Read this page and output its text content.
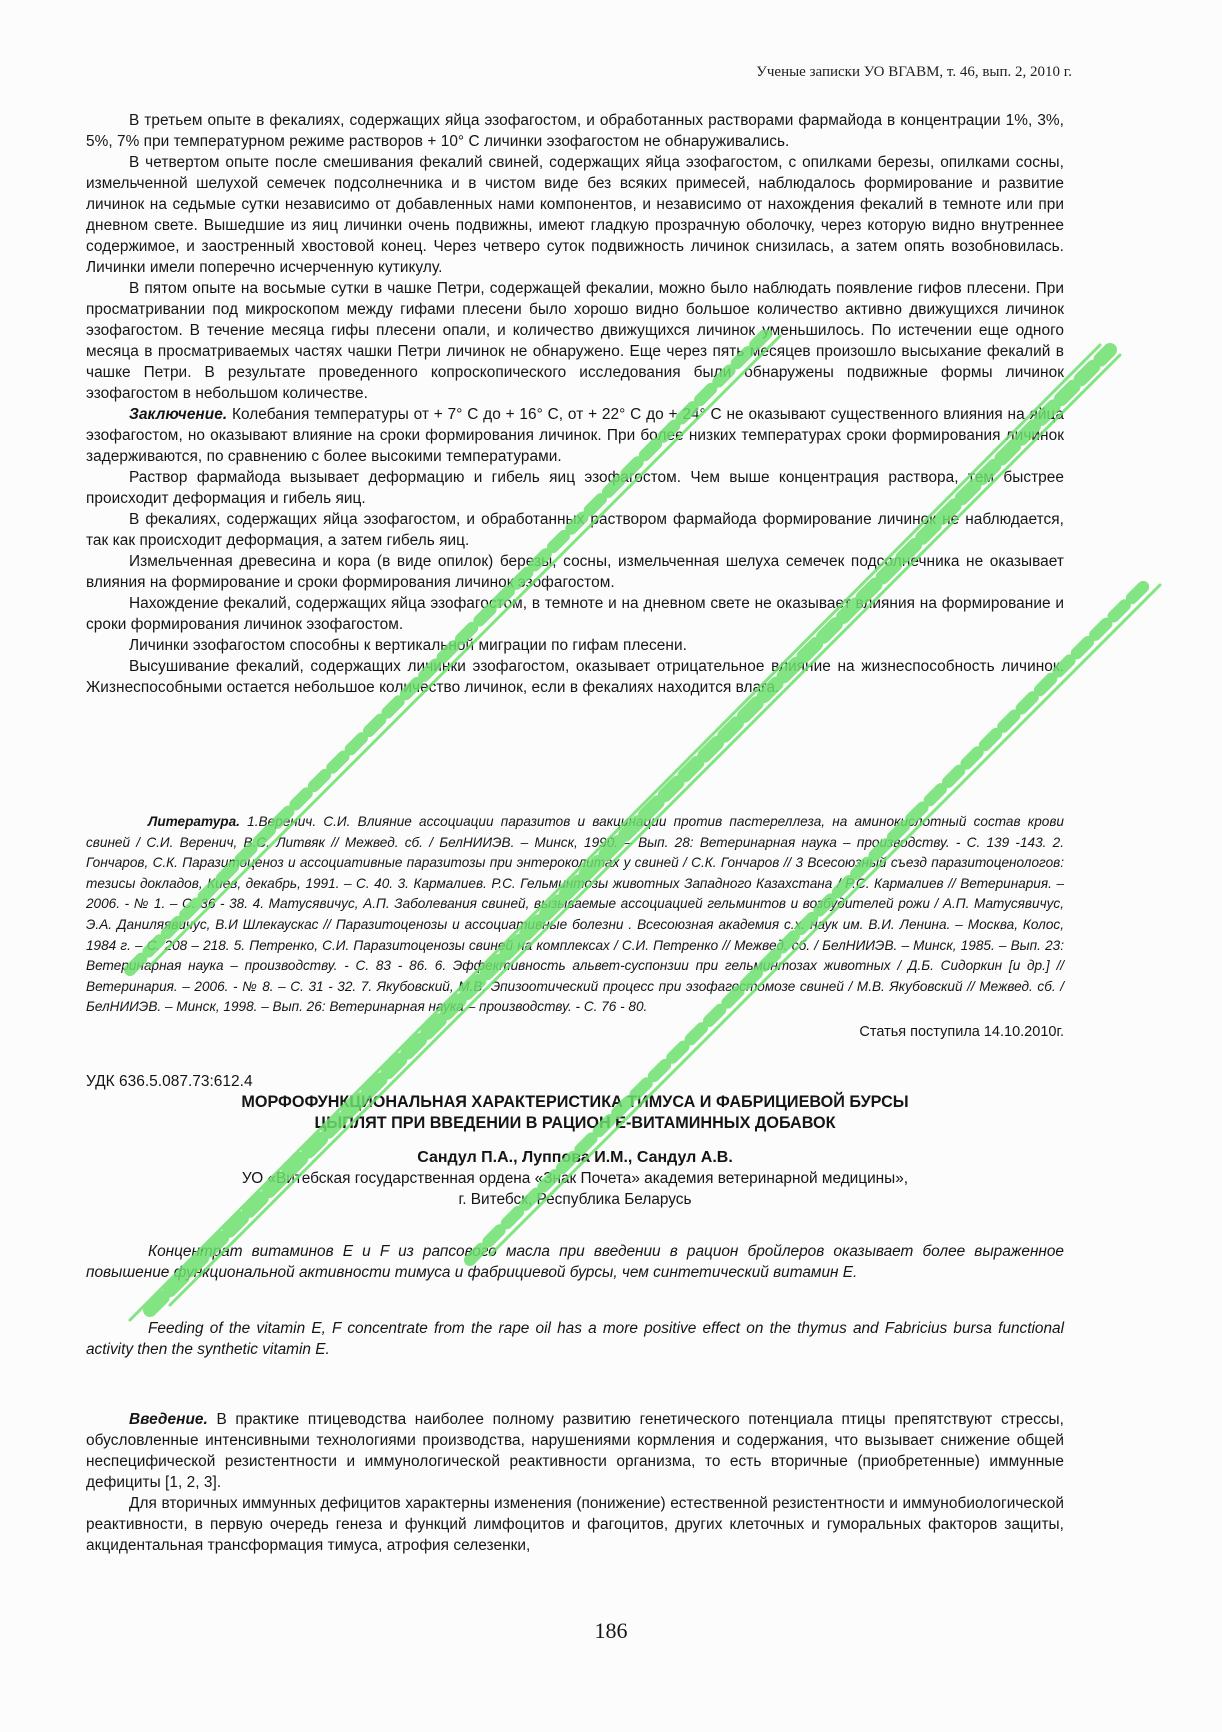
Ученые записки УО ВГАВМ, т. 46, вып. 2, 2010 г.

В третьем опыте в фекалиях, содержащих яйца эзофагостом, и обработанных растворами фармайода в концентрации 1%, 3%, 5%, 7% при температурном режиме растворов + 10° С личинки эзофагостом не обнаруживались.

В четвертом опыте после смешивания фекалий свиней, содержащих яйца эзофагостом, с опилками березы, опилками сосны, измельченной шелухой семечек подсолнечника и в чистом виде без всяких примесей, наблюдалось формирование и развитие личинок на седьмые сутки независимо от добавленных нами компонентов, и независимо от нахождения фекалий в темноте или при дневном свете. Вышедшие из яиц личинки очень подвижны, имеют гладкую прозрачную оболочку, через которую видно внутреннее содержимое, и заостренный хвостовой конец. Через четверо суток подвижность личинок снизилась, а затем опять возобновилась. Личинки имели поперечно исчерченную кутикулу.

В пятом опыте на восьмые сутки в чашке Петри, содержащей фекалии, можно было наблюдать появление гифов плесени. При просматривании под микроскопом между гифами плесени было хорошо видно большое количество активно движущихся личинок эзофагостом. В течение месяца гифы плесени опали, и количество движущихся личинок уменьшилось. По истечении еще одного месяца в просматриваемых частях чашки Петри личинок не обнаружено. Еще через пять месяцев произошло высыхание фекалий в чашке Петри. В результате проведенного копроскопического исследования были обнаружены подвижные формы личинок эзофагостом в небольшом количестве.

Заключение. Колебания температуры от + 7° С до + 16° С, от + 22° С до + 24° С не оказывают существенного влияния на яйца эзофагостом, но оказывают влияние на сроки формирования личинок. При более низких температурах сроки формирования личинок задерживаются, по сравнению с более высокими температурами.

Раствор фармайода вызывает деформацию и гибель яиц эзофагостом. Чем выше концентрация раствора, тем быстрее происходит деформация и гибель яиц.

В фекалиях, содержащих яйца эзофагостом, и обработанных раствором фармайода формирование личинок не наблюдается, так как происходит деформация, а затем гибель яиц.

Измельченная древесина и кора (в виде опилок) березы, сосны, измельченная шелуха семечек подсолнечника не оказывает влияния на формирование и сроки формирования личинок эзофагостом.

Нахождение фекалий, содержащих яйца эзофагостом, в темноте и на дневном свете не оказывает влияния на формирование и сроки формирования личинок эзофагостом.

Личинки эзофагостом способны к вертикальной миграции по гифам плесени.

Высушивание фекалий, содержащих личинки эзофагостом, оказывает отрицательное влияние на жизнеспособность личинок. Жизнеспособными остается небольшое количество личинок, если в фекалиях находится влага.

Литература. 1.Веренич. С.И. Влияние ассоциации паразитов и вакцинации против пастереллеза, на аминокислотный состав крови свиней / С.И. Веренич, В.С. Литвяк // Межвед. сб. / БелНИИЭВ. – Минск, 1990. – Вып. 28: Ветеринарная наука – производству. - С. 139 -143. 2. Гончаров, С.К. Паразитоценоз и ассоциативные паразитозы при энтероколитах у свиней / С.К. Гончаров // 3 Всесоюзный съезд паразитоценологов: тезисы докладов, Киев, декабрь, 1991. – С. 40. 3. Кармалиев. Р.С. Гельминтозы животных Западного Казахстана / Р.С. Кармалиев // Ветеринария. – 2006. - № 1. – С. 36 - 38. 4. Матусявичус, А.П. Заболевания свиней, вызываемые ассоциацией гельминтов и возбудителей рожи / А.П. Матусявичус, Э.А. Даниляявичус, В.И Шлекаускас // Паразитоценозы и ассоциативные болезни . Всесоюзная академия с.х. наук им. В.И. Ленина. – Москва, Колос, 1984 г. – С. 208 – 218. 5. Петренко, С.И. Паразитоценозы свиней на комплексах / С.И. Петренко // Межвед. сб. / БелНИИЭВ. – Минск, 1985. – Вып. 23: Ветеринарная наука – производству. - С. 83 - 86. 6. Эффективность альвет-суспонзии при гельминтозах животных / Д.Б. Сидоркин [и др.] // Ветеринария. – 2006. - № 8. – С. 31 - 32. 7. Якубовский, М.В. Эпизоотический процесс при эзофагостомозе свиней / М.В. Якубовский // Межвед. сб. / БелНИИЭВ. – Минск, 1998. – Вып. 26: Ветеринарная наука – производству. - С. 76 - 80.

Статья поступила 14.10.2010г.

УДК 636.5.087.73:612.4

МОРФОФУНКЦИОНАЛЬНАЯ ХАРАКТЕРИСТИКА ТИМУСА И ФАБРИЦИЕВОЙ БУРСЫ

ЦЫПЛЯТ ПРИ ВВЕДЕНИИ В РАЦИОН Е-ВИТАМИННЫХ ДОБАВОК

Сандул П.А., Луппова И.М., Сандул А.В.

УО «Витебская государственная ордена «Знак Почета» академия ветеринарной медицины»,

г. Витебск, Республика Беларусь

Концентрат витаминов Е и F из рапсового масла при введении в рацион бройлеров оказывает более выраженное повышение функциональной активности тимуса и фабрициевой бурсы, чем синтетический витамин Е.

Feeding of the vitamin E, F concentrate from the rape oil has a more positive effect on the thymus and Fabricius bursa functional activity then the synthetic vitamin E.

Введение. В практике птицеводства наиболее полному развитию генетического потенциала птицы препятствуют стрессы, обусловленные интенсивными технологиями производства, нарушениями кормления и содержания, что вызывает снижение общей неспецифической резистентности и иммунологической реактивности организма, то есть вторичные (приобретенные) иммунные дефициты [1, 2, 3].

Для вторичных иммунных дефицитов характерны изменения (понижение) естественной резистентности и иммунобиологической реактивности, в первую очередь генеза и функций лимфоцитов и фагоцитов, других клеточных и гуморальных факторов защиты, акцидентальная трансформация тимуса, атрофия селезенки,

186
